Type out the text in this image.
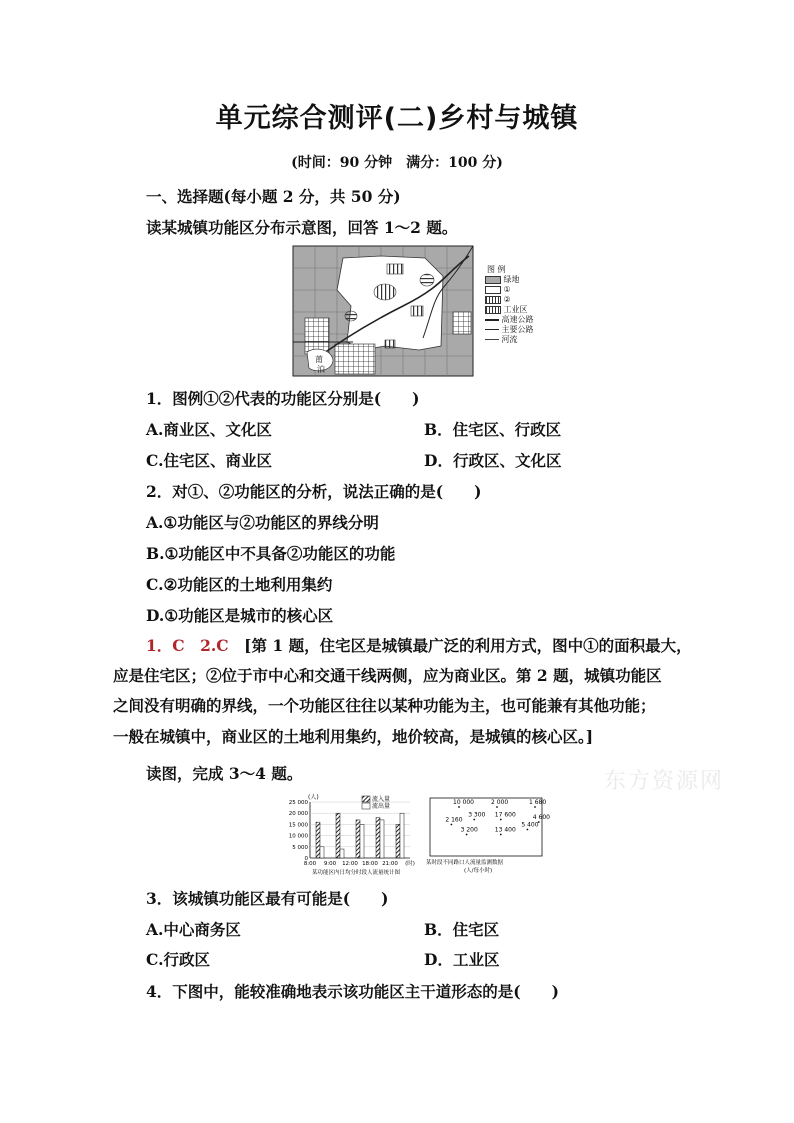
单元综合测评(二)乡村与城镇
(时间：90 分钟　满分：100 分)
一、选择题(每小题 2 分，共 50 分)
读某城镇功能区分布示意图，回答 1～2 题。
莆
泊
图 例
绿地
①
②
工业区
高速公路
主要公路
河流
1．图例①②代表的功能区分别是(　　)
A.商业区、文化区	B．住宅区、行政区
C.住宅区、商业区	D．行政区、文化区
2．对①、②功能区的分析，说法正确的是(　　)
A.①功能区与②功能区的界线分明
B.①功能区中不具备②功能区的功能
C.②功能区的土地利用集约
D.①功能区是城市的核心区
1．C　2.C　 [第 1 题，住宅区是城镇最广泛的利用方式，图中①的面积最大，
应是住宅区；②位于市中心和交通干线两侧，应为商业区。第 2 题，城镇功能区
之间没有明确的界线，一个功能区往往以某种功能为主，也可能兼有其他功能；
一般在城镇中，商业区的土地利用集约，地价较高，是城镇的核心区。]
读图，完成 3～4 题。	东方资源网
(人)
0
5 000
10 000
15 000
20 000
25 000
8:00 9:00 12:00 18:00 21:00 (时)
流入量
流出量
某功能区内日均分时段人流量统计图
10 000	2 000	1 680
3 300 17 600	4 600
2 160
5 400
3 200	13 400
某时段不同路口人流量监测数据
(人/每小时)
3．该城镇功能区最有可能是(　　)
A.中心商务区	B．住宅区
C.行政区	D．工业区
4．下图中，能较准确地表示该功能区主干道形态的是(　　)
